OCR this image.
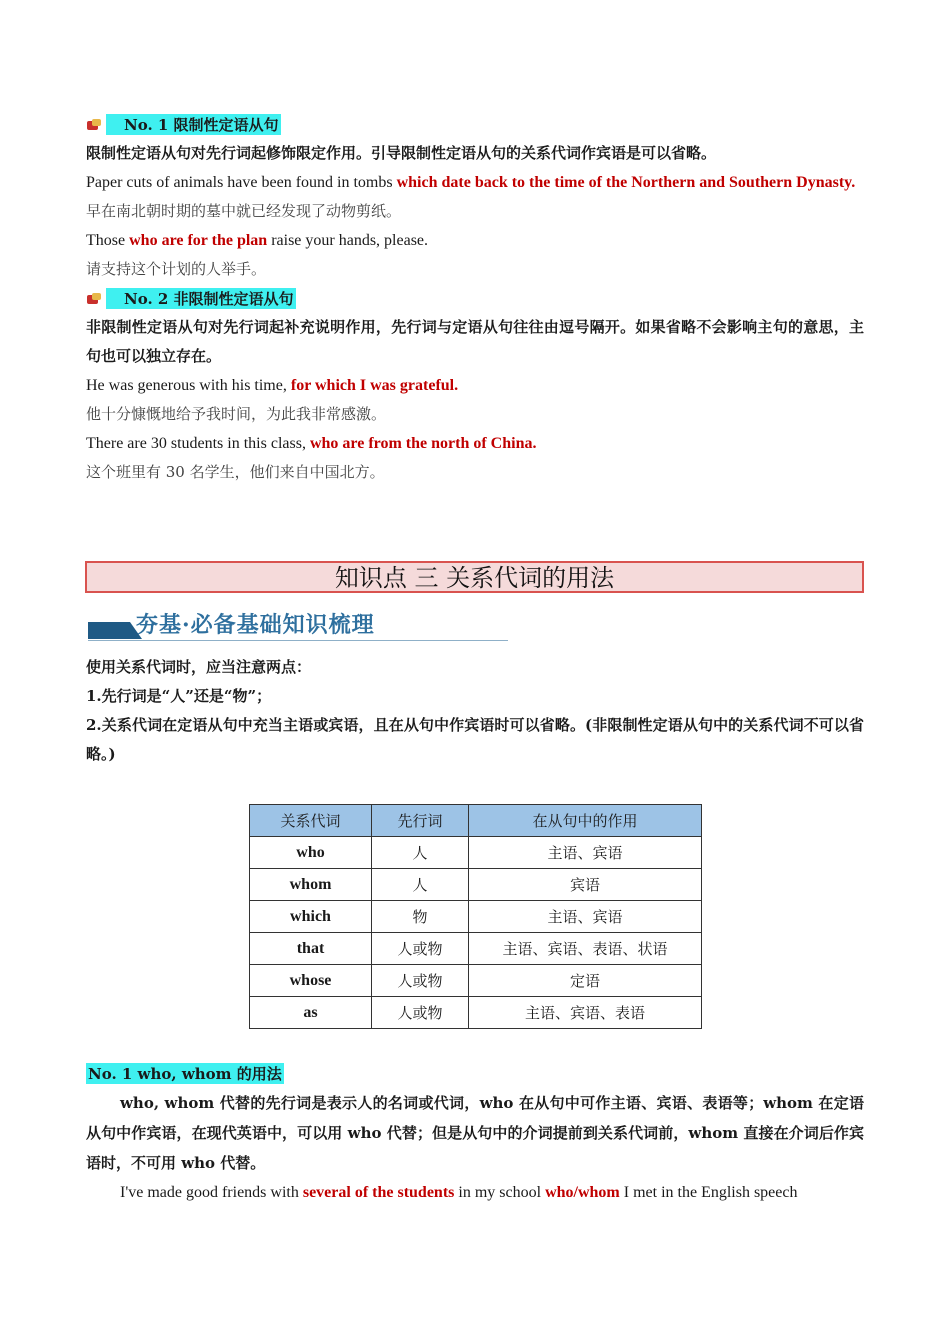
No. 1 限制性定语从句

限制性定语从句对先行词起修饰限定作用。引导限制性定语从句的关系代词作宾语是可以省略。

Paper cuts of animals have been found in tombs which date back to the time of the Northern and Southern Dynasty.

早在南北朝时期的墓中就已经发现了动物剪纸。

Those who are for the plan raise your hands, please.

请支持这个计划的人举手。

No. 2 非限制性定语从句

非限制性定语从句对先行词起补充说明作用，先行词与定语从句往往由逗号隔开。如果省略不会影响主句的意思，主句也可以独立存在。

He was generous with his time, for which I was grateful.

他十分慷慨地给予我时间，为此我非常感激。

There are 30 students in this class, who are from the north of China.

这个班里有 30 名学生，他们来自中国北方。

知识点 三 关系代词的用法
夯基·必备基础知识梳理

使用关系代词时，应当注意两点：

1.先行词是“人”还是“物”；

2.关系代词在定语从句中充当主语或宾语，且在从句中作宾语时可以省略。(非限制性定语从句中的关系代词不可以省略。)

关系代词	先行词	在从句中的作用
who	人	主语、宾语
whom	人	宾语
which	物	主语、宾语
that	人或物	主语、宾语、表语、状语
whose	人或物	定语
as	人或物	主语、宾语、表语
No. 1 who, whom 的用法

who, whom 代替的先行词是表示人的名词或代词，who 在从句中可作主语、宾语、表语等；whom 在定语从句中作宾语，在现代英语中，可以用 who 代替；但是从句中的介词提前到关系代词前，whom 直接在介词后作宾语时，不可用 who 代替。

I've made good friends with several of the students in my school who/whom I met in the English speech
